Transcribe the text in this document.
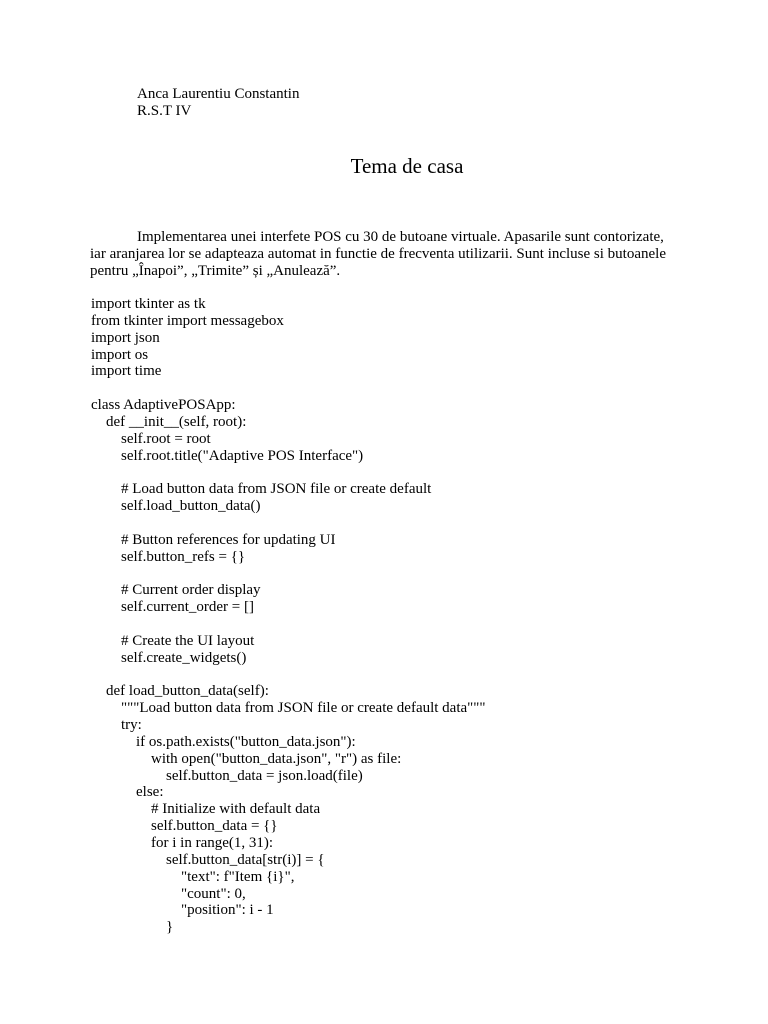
Anca Laurentiu Constantin
R.S.T IV
Tema de casa
Implementarea unei interfete POS cu 30 de butoane virtuale. Apasarile sunt contorizate,
iar aranjarea lor se adapteaza automat in functie de frecventa utilizarii. Sunt incluse si butoanele
pentru „Înapoi”, „Trimite” și „Anulează”.
import tkinter as tk
from tkinter import messagebox
import json
import os
import time

class AdaptivePOSApp:
def __init__(self, root):
self.root = root
self.root.title("Adaptive POS Interface")

# Load button data from JSON file or create default
self.load_button_data()

# Button references for updating UI
self.button_refs = {}

# Current order display
self.current_order = []

# Create the UI layout
self.create_widgets()

def load_button_data(self):
"""Load button data from JSON file or create default data"""
try:
if os.path.exists("button_data.json"):
with open("button_data.json", "r") as file:
self.button_data = json.load(file)
else:
# Initialize with default data
self.button_data = {}
for i in range(1, 31):
self.button_data[str(i)] = {
"text": f"Item {i}",
"count": 0,
"position": i - 1
}
